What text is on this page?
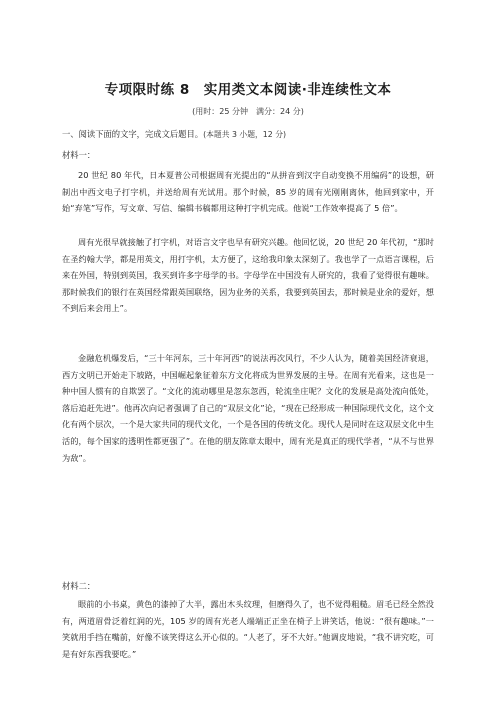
专项限时练 8　实用类文本阅读·非连续性文本
(用时：25 分钟　满分：24 分)
一、阅读下面的文字，完成文后题目。(本题共 3 小题，12 分)
材料一：
20 世纪 80 年代，日本夏普公司根据周有光提出的“从拼音到汉字自动变换不用编码”的设想，研制出中西文电子打字机，并送给周有光试用。那个时候，85 岁的周有光刚刚离休，他回到家中，开始“弃笔”写作，写文章、写信、编辑书稿都用这种打字机完成。他说“工作效率提高了 5 倍”。
周有光很早就接触了打字机，对语言文字也早有研究兴趣。他回忆说，20 世纪 20 年代初，“那时在圣约翰大学，都是用英文，用打字机，太方便了，这给我印象太深刻了。我也学了一点语言课程，后来在外国，特别到英国，我买到许多字母学的书。字母学在中国没有人研究的，我看了觉得很有趣味。那时候我们的银行在英国经常跟英国联络，因为业务的关系，我要到英国去，那时候是业余的爱好，想不到后来会用上”。
金融危机爆发后，“三十年河东，三十年河西”的说法再次风行，不少人认为，随着美国经济衰退，西方文明已开始走下坡路，中国崛起象征着东方文化将成为世界发展的主导。在周有光看来，这也是一种中国人惯有的自欺罢了。“文化的流动哪里是忽东忽西，轮流坐庄呢？文化的发展是高处流向低处，落后追赶先进”。他再次向记者强调了自己的“双层文化”论，“现在已经形成一种国际现代文化，这个文化有两个层次，一个是大家共同的现代文化，一个是各国的传统文化。现代人是同时在这双层文化中生活的，每个国家的透明性都更强了”。在他的朋友陈章太眼中，周有光是真正的现代学者，“从不与世界为敌”。
材料二：
眼前的小书桌，黄色的漆掉了大半，露出木头纹理，但磨得久了，也不觉得粗糙。眉毛已经全然没有，两道眉骨泛着红润的光，105 岁的周有光老人端端正正坐在椅子上讲笑话，他说：“很有趣味。”一笑就用手挡在嘴前，好像不该笑得这么开心似的。“人老了，牙不大好。”他调皮地说，“我不讲究吃，可是有好东西我要吃。”
